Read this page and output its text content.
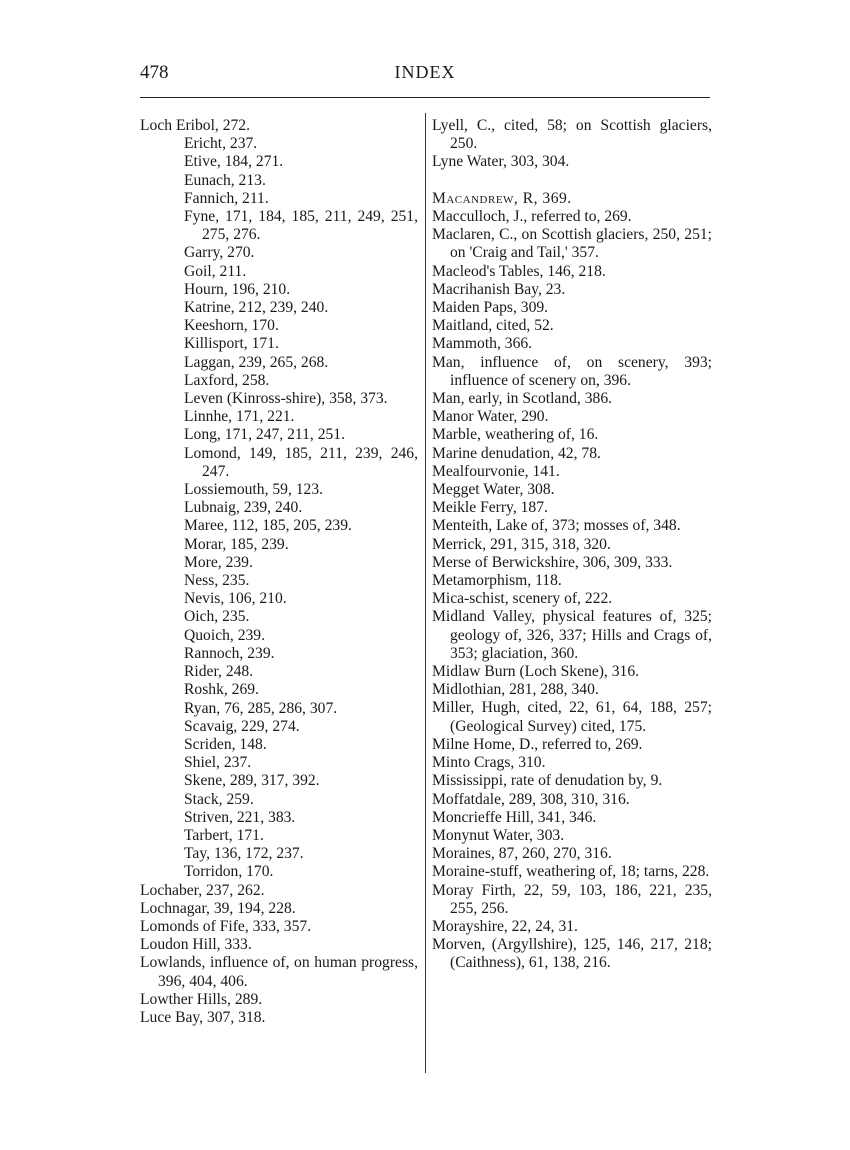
478	INDEX
Loch Eribol, 272.
Ericht, 237.
Etive, 184, 271.
Eunach, 213.
Fannich, 211.
Fyne, 171, 184, 185, 211, 249, 251, 275, 276.
Garry, 270.
Goil, 211.
Hourn, 196, 210.
Katrine, 212, 239, 240.
Keeshorn, 170.
Killisport, 171.
Laggan, 239, 265, 268.
Laxford, 258.
Leven (Kinross-shire), 358, 373.
Linnhe, 171, 221.
Long, 171, 247, 211, 251.
Lomond, 149, 185, 211, 239, 246, 247.
Lossiemouth, 59, 123.
Lubnaig, 239, 240.
Maree, 112, 185, 205, 239.
Morar, 185, 239.
More, 239.
Ness, 235.
Nevis, 106, 210.
Oich, 235.
Quoich, 239.
Rannoch, 239.
Rider, 248.
Roshk, 269.
Ryan, 76, 285, 286, 307.
Scavaig, 229, 274.
Scriden, 148.
Shiel, 237.
Skene, 289, 317, 392.
Stack, 259.
Striven, 221, 383.
Tarbert, 171.
Tay, 136, 172, 237.
Torridon, 170.
Lochaber, 237, 262.
Lochnagar, 39, 194, 228.
Lomonds of Fife, 333, 357.
Loudon Hill, 333.
Lowlands, influence of, on human progress, 396, 404, 406.
Lowther Hills, 289.
Luce Bay, 307, 318.
Lyell, C., cited, 58; on Scottish glaciers, 250.
Lyne Water, 303, 304.
Macandrew, R, 369.
Macculloch, J., referred to, 269.
Maclaren, C., on Scottish glaciers, 250, 251; on 'Craig and Tail,' 357.
Macleod's Tables, 146, 218.
Macrihanish Bay, 23.
Maiden Paps, 309.
Maitland, cited, 52.
Mammoth, 366.
Man, influence of, on scenery, 393; influence of scenery on, 396.
Man, early, in Scotland, 386.
Manor Water, 290.
Marble, weathering of, 16.
Marine denudation, 42, 78.
Mealfourvonie, 141.
Megget Water, 308.
Meikle Ferry, 187.
Menteith, Lake of, 373; mosses of, 348.
Merrick, 291, 315, 318, 320.
Merse of Berwickshire, 306, 309, 333.
Metamorphism, 118.
Mica-schist, scenery of, 222.
Midland Valley, physical features of, 325; geology of, 326, 337; Hills and Crags of, 353; glaciation, 360.
Midlaw Burn (Loch Skene), 316.
Midlothian, 281, 288, 340.
Miller, Hugh, cited, 22, 61, 64, 188, 257; (Geological Survey) cited, 175.
Milne Home, D., referred to, 269.
Minto Crags, 310.
Mississippi, rate of denudation by, 9.
Moffatdale, 289, 308, 310, 316.
Moncrieffe Hill, 341, 346.
Monynut Water, 303.
Moraines, 87, 260, 270, 316.
Moraine-stuff, weathering of, 18; tarns, 228.
Moray Firth, 22, 59, 103, 186, 221, 235, 255, 256.
Morayshire, 22, 24, 31.
Morven, (Argyllshire), 125, 146, 217, 218; (Caithness), 61, 138, 216.
